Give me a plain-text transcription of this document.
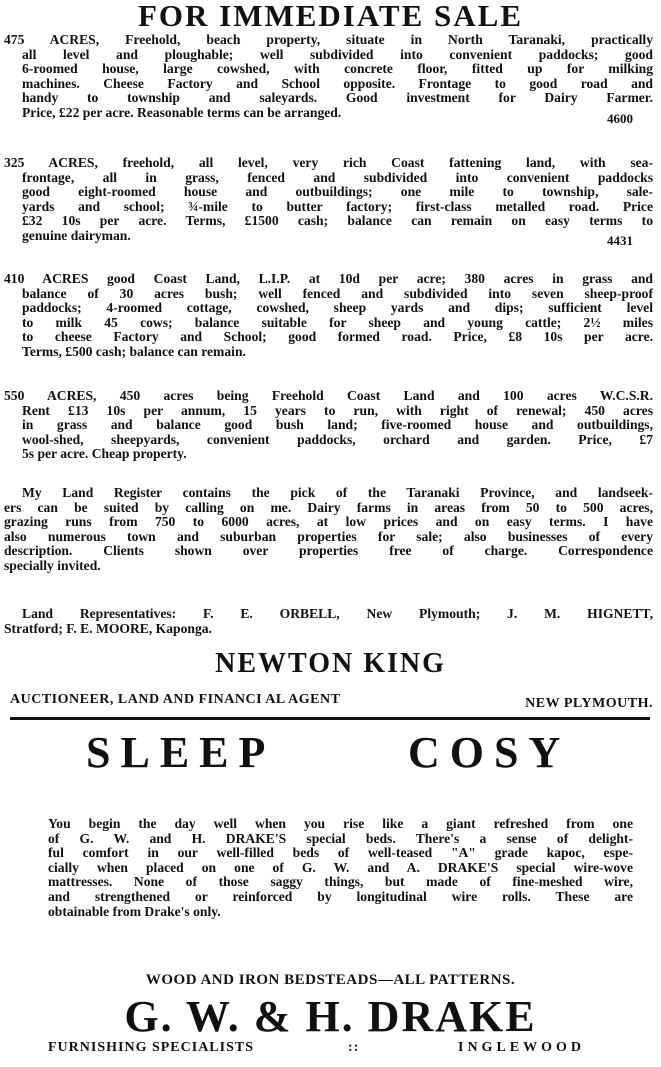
FOR IMMEDIATE SALE
475 ACRES, Freehold, beach property, situate in North Taranaki, practically
all level and ploughable; well subdivided into convenient paddocks; good
6-roomed house, large cowshed, with concrete floor, fitted up for milking
machines. Cheese Factory and School opposite. Frontage to good road and
handy to township and saleyards. Good investment for Dairy Farmer.
Price, £22 per acre. Reasonable terms can be arranged.	4600
325 ACRES, freehold, all level, very rich Coast fattening land, with sea-
frontage, all in grass, fenced and subdivided into convenient paddocks
good eight-roomed house and outbuildings; one mile to township, sale-
yards and school; ¾-mile to butter factory; first-class metalled road. Price
£32 10s per acre. Terms, £1500 cash; balance can remain on easy terms to
genuine dairyman.	4431
410 ACRES good Coast Land, L.I.P. at 10d per acre; 380 acres in grass and
balance of 30 acres bush; well fenced and subdivided into seven sheep-proof
paddocks; 4-roomed cottage, cowshed, sheep yards and dips; sufficient level
to milk 45 cows; balance suitable for sheep and young cattle; 2½ miles
to cheese Factory and School; good formed road. Price, £8 10s per acre.
Terms, £500 cash; balance can remain.
550 ACRES, 450 acres being Freehold Coast Land and 100 acres W.C.S.R.
Rent £13 10s per annum, 15 years to run, with right of renewal; 450 acres
in grass and balance good bush land; five-roomed house and outbuildings,
wool-shed, sheepyards, convenient paddocks, orchard and garden. Price, £7
5s per acre. Cheap property.
My Land Register contains the pick of the Taranaki Province, and landseek-
ers can be suited by calling on me. Dairy farms in areas from 50 to 500 acres,
grazing runs from 750 to 6000 acres, at low prices and on easy terms. I have
also numerous town and suburban properties for sale; also businesses of every
description. Clients shown over properties free of charge. Correspondence
specially invited.
Land Representatives: F. E. ORBELL, New Plymouth; J. M. HIGNETT,
Stratford; F. E. MOORE, Kaponga.
NEWTON KING
AUCTIONEER, LAND AND FINANCI AL AGENT	NEW PLYMOUTH.
SLEEP	COSY
You begin the day well when you rise like a giant refreshed from one
of G. W. and H. DRAKE'S special beds. There's a sense of delight-
ful comfort in our well-filled beds of well-teased "A" grade kapoc, espe-
cially when placed on one of G. W. and A. DRAKE'S special wire-wove
mattresses. None of those saggy things, but made of fine-meshed wire,
and strengthened or reinforced by longitudinal wire rolls. These are
obtainable from Drake's only.
WOOD AND IRON BEDSTEADS—ALL PATTERNS.
G. W. & H. DRAKE
FURNISHING SPECIALISTS	::	INGLEWOOD
